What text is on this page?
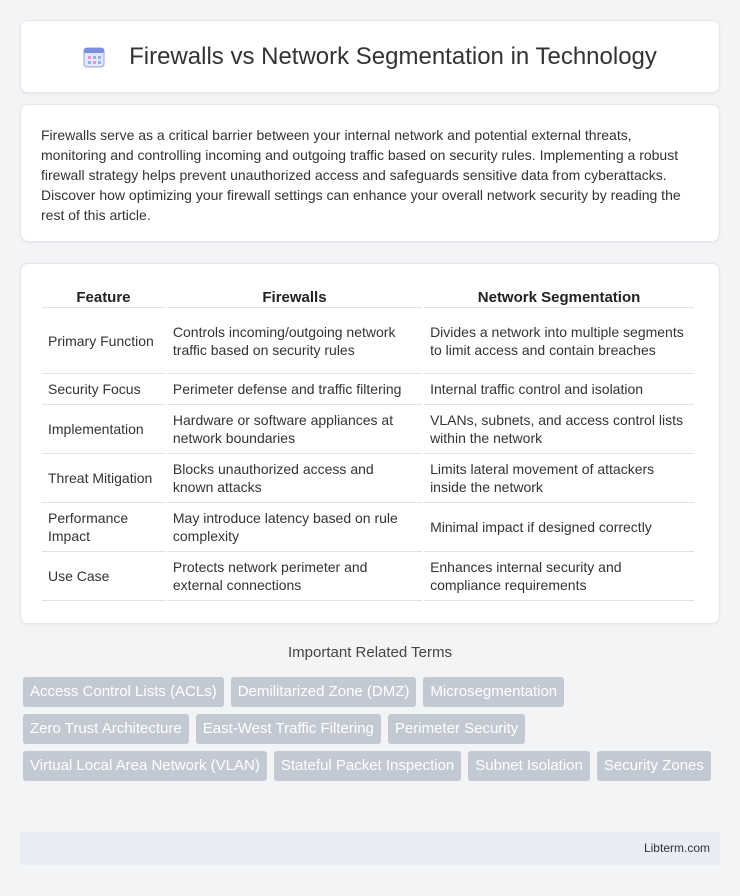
Firewalls vs Network Segmentation in Technology

Firewalls serve as a critical barrier between your internal network and potential external threats, monitoring and controlling incoming and outgoing traffic based on security rules. Implementing a robust firewall strategy helps prevent unauthorized access and safeguards sensitive data from cyberattacks. Discover how optimizing your firewall settings can enhance your overall network security by reading the rest of this article.

Feature	Firewalls	Network Segmentation
Primary Function	Controls incoming/outgoing network traffic based on security rules	Divides a network into multiple segments to limit access and contain breaches
Security Focus	Perimeter defense and traffic filtering	Internal traffic control and isolation
Implementation	Hardware or software appliances at network boundaries	VLANs, subnets, and access control lists within the network
Threat Mitigation	Blocks unauthorized access and known attacks	Limits lateral movement of attackers inside the network
Performance Impact	May introduce latency based on rule complexity	Minimal impact if designed correctly
Use Case	Protects network perimeter and external connections	Enhances internal security and compliance requirements
Important Related Terms
Access Control Lists (ACLs)	Demilitarized Zone (DMZ)	Microsegmentation
Zero Trust Architecture	East-West Traffic Filtering	Perimeter Security
Virtual Local Area Network (VLAN)	Stateful Packet Inspection	Subnet Isolation	Security Zones
Libterm.com
